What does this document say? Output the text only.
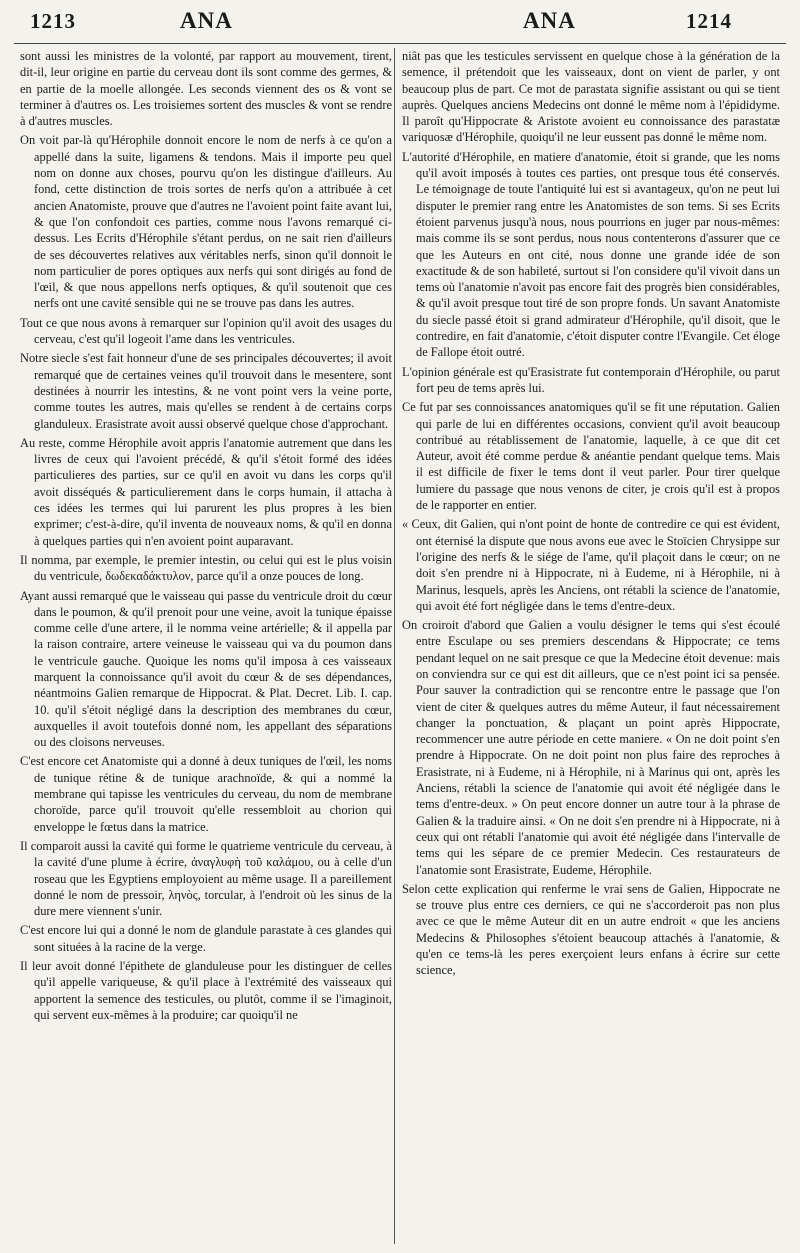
1213	ANA	ANA	1214

sont aussi les ministres de la volonté, par rapport au mouvement, tirent, dit-il, leur origine en partie du cerveau dont ils sont comme des germes, & en partie de la moelle allongée. Les seconds viennent des os & vont se terminer à d'autres os. Les troisiemes sortent des muscles & vont se rendre à d'autres muscles.

On voit par-là qu'Hérophile donnoit encore le nom de nerfs à ce qu'on a appellé dans la suite, ligamens & tendons. Mais il importe peu quel nom on donne aux choses, pourvu qu'on les distingue d'ailleurs. Au fond, cette distinction de trois sortes de nerfs qu'on a attribuée à cet ancien Anatomiste, prouve que d'autres ne l'avoient point faite avant lui, & que l'on confondoit ces parties, comme nous l'avons remarqué ci-dessus. Les Ecrits d'Hérophile s'étant perdus, on ne sait rien d'ailleurs de ses découvertes relatives aux véritables nerfs, sinon qu'il donnoit le nom particulier de pores optiques aux nerfs qui sont dirigés au fond de l'œil, & que nous appellons nerfs optiques, & qu'il soutenoit que ces nerfs ont une cavité sensible qui ne se trouve pas dans les autres.

Tout ce que nous avons à remarquer sur l'opinion qu'il avoit des usages du cerveau, c'est qu'il logeoit l'ame dans les ventricules.

Notre siecle s'est fait honneur d'une de ses principales découvertes; il avoit remarqué que de certaines veines qu'il trouvoit dans le mesentere, sont destinées à nourrir les intestins, & ne vont point vers la veine porte, comme toutes les autres, mais qu'elles se rendent à de certains corps glanduleux. Erasistrate avoit aussi observé quelque chose d'approchant.

Au reste, comme Hérophile avoit appris l'anatomie autrement que dans les livres de ceux qui l'avoient précédé, & qu'il s'étoit formé des idées particulieres des parties, sur ce qu'il en avoit vu dans les corps qu'il avoit disséqués & particulierement dans le corps humain, il attacha à ces idées les termes qui lui parurent les plus propres à les bien exprimer; c'est-à-dire, qu'il inventa de nouveaux noms, & qu'il en donna à quelques parties qui n'en avoient point auparavant.

Il nomma, par exemple, le premier intestin, ou celui qui est le plus voisin du ventricule, δωδεκαδάκτυλον, parce qu'il a onze pouces de long.

Ayant aussi remarqué que le vaisseau qui passe du ventricule droit du cœur dans le poumon, & qu'il prenoit pour une veine, avoit la tunique épaisse comme celle d'une artere, il le nomma veine artérielle; & il appella par la raison contraire, artere veineuse le vaisseau qui va du poumon dans le ventricule gauche. Quoique les noms qu'il imposa à ces vaisseaux marquent la connoissance qu'il avoit du cœur & de ses dépendances, néantmoins Galien remarque de Hippocrat. & Plat. Decret. Lib. I. cap. 10. qu'il s'étoit négligé dans la description des membranes du cœur, auxquelles il avoit toutefois donné nom, les appellant des séparations ou des cloisons nerveuses.

C'est encore cet Anatomiste qui a donné à deux tuniques de l'œil, les noms de tunique rétine & de tunique arachnoïde, & qui a nommé la membrane qui tapisse les ventricules du cerveau, du nom de membrane choroïde, parce qu'il trouvoit qu'elle ressembloit au chorion qui enveloppe le fœtus dans la matrice.

Il comparoit aussi la cavité qui forme le quatrieme ventricule du cerveau, à la cavité d'une plume à écrire, ἀναγλυφὴ τοῦ καλάμου, ou à celle d'un roseau que les Egyptiens employoient au même usage. Il a pareillement donné le nom de pressoir, ληνὸς, torcular, à l'endroit où les sinus de la dure mere viennent s'unir.

C'est encore lui qui a donné le nom de glandule parastate à ces glandes qui sont situées à la racine de la verge.

Il leur avoit donné l'épithete de glanduleuse pour les distinguer de celles qu'il appelle variqueuse, & qu'il place à l'extrémité des vaisseaux qui apportent la semence des testicules, ou plutôt, comme il se l'imaginoit, qui servent eux-mêmes à la produire; car quoiqu'il ne

niât pas que les testicules servissent en quelque chose à la génération de la semence, il prétendoit que les vaisseaux, dont on vient de parler, y ont beaucoup plus de part. Ce mot de parastata signifie assistant ou qui se tient auprès. Quelques anciens Medecins ont donné le même nom à l'épididyme. Il paroît qu'Hippocrate & Aristote avoient eu connoissance des parastatæ variquosæ d'Hérophile, quoiqu'il ne leur eussent pas donné le même nom.

L'autorité d'Hérophile, en matiere d'anatomie, étoit si grande, que les noms qu'il avoit imposés à toutes ces parties, ont presque tous été conservés. Le témoignage de toute l'antiquité lui est si avantageux, qu'on ne peut lui disputer le premier rang entre les Anatomistes de son tems. Si ses Ecrits étoient parvenus jusqu'à nous, nous pourrions en juger par nous-mêmes: mais comme ils se sont perdus, nous nous contenterons d'assurer que ce que les Auteurs en ont cité, nous donne une grande idée de son exactitude & de son habileté, surtout si l'on considere qu'il vivoit dans un tems où l'anatomie n'avoit pas encore fait des progrès bien considérables, & qu'il avoit presque tout tiré de son propre fonds. Un savant Anatomiste du siecle passé étoit si grand admirateur d'Hérophile, qu'il disoit, que le contredire, en fait d'anatomie, c'étoit disputer contre l'Evangile. Cet éloge de Fallope étoit outré.

L'opinion générale est qu'Erasistrate fut contemporain d'Hérophile, ou parut fort peu de tems après lui.

Ce fut par ses connoissances anatomiques qu'il se fit une réputation. Galien qui parle de lui en différentes occasions, convient qu'il avoit beaucoup contribué au rétablissement de l'anatomie, laquelle, à ce que dit cet Auteur, avoit été comme perdue & anéantie pendant quelque tems. Mais il est difficile de fixer le tems dont il veut parler. Pour tirer quelque lumiere du passage que nous venons de citer, je crois qu'il est à propos de le rapporter en entier.

« Ceux, dit Galien, qui n'ont point de honte de contredire ce qui est évident, ont éternisé la dispute que nous avons eue avec le Stoïcien Chrysippe sur l'origine des nerfs & le siége de l'ame, qu'il plaçoit dans le cœur; on ne doit s'en prendre ni à Hippocrate, ni à Eudeme, ni à Hérophile, ni à Marinus, lesquels, après les Anciens, ont rétabli la science de l'anatomie, qui avoit été fort négligée dans le tems d'entre-deux.

On croiroit d'abord que Galien a voulu désigner le tems qui s'est écoulé entre Esculape ou ses premiers descendans & Hippocrate; ce tems pendant lequel on ne sait presque ce que la Medecine étoit devenue: mais on conviendra sur ce qui est dit ailleurs, que ce n'est point ici sa pensée. Pour sauver la contradiction qui se rencontre entre le passage que l'on vient de citer & quelques autres du même Auteur, il faut nécessairement changer la ponctuation, & plaçant un point après Hippocrate, recommencer une autre période en cette maniere. « On ne doit point s'en prendre à Hippocrate. On ne doit point non plus faire des reproches à Erasistrate, ni à Eudeme, ni à Hérophile, ni à Marinus qui ont, après les Anciens, rétabli la science de l'anatomie qui avoit été négligée dans le tems d'entre-deux. » On peut encore donner un autre tour à la phrase de Galien & la traduire ainsi. « On ne doit s'en prendre ni à Hippocrate, ni à ceux qui ont rétabli l'anatomie qui avoit été négligée dans l'intervalle de tems qui les sépare de ce premier Medecin. Ces restaurateurs de l'anatomie sont Erasistrate, Eudeme, Hérophile.

Selon cette explication qui renferme le vrai sens de Galien, Hippocrate ne se trouve plus entre ces derniers, ce qui ne s'accorderoit pas non plus avec ce que le même Auteur dit en un autre endroit « que les anciens Medecins & Philosophes s'étoient beaucoup attachés à l'anatomie, & qu'en ce tems-là les peres exerçoient leurs enfans à écrire sur cette science,
